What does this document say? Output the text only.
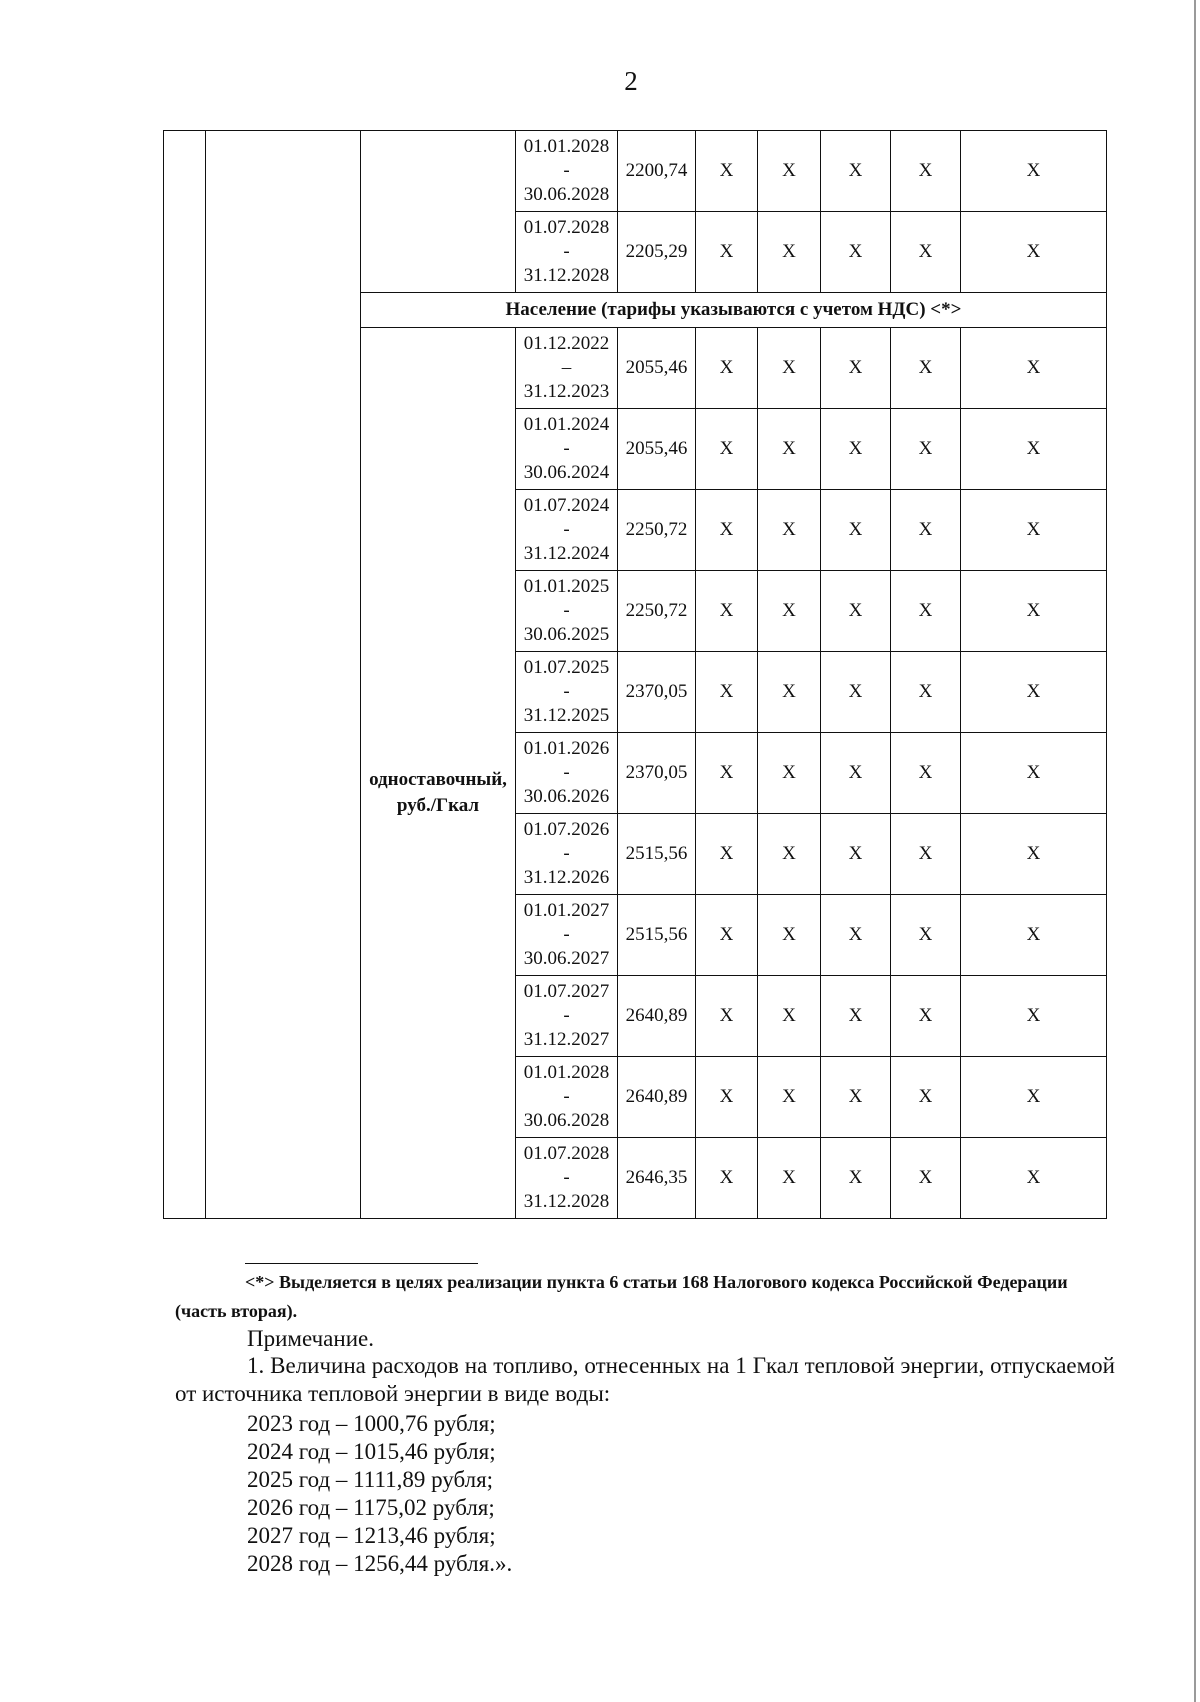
2

			01.01.2028
-
30.06.2028	2200,74	X	X	X	X	X

			01.07.2028
-
31.12.2028	2205,29	X	X	X	X	X
		Население (тарифы указываются с учетом НДС) <*>							
		одноставочный, руб./Гкал	01.12.2022
–
31.12.2023	2055,46	X	X	X	X	X

			01.01.2024
-
30.06.2024	2055,46	X	X	X	X	X

			01.07.2024
-
31.12.2024	2250,72	X	X	X	X	X

			01.01.2025
-
30.06.2025	2250,72	X	X	X	X	X

			01.07.2025
-
31.12.2025	2370,05	X	X	X	X	X

			01.01.2026
-
30.06.2026	2370,05	X	X	X	X	X

			01.07.2026
-
31.12.2026	2515,56	X	X	X	X	X

			01.01.2027
-
30.06.2027	2515,56	X	X	X	X	X

			01.07.2027
-
31.12.2027	2640,89	X	X	X	X	X

			01.01.2028
-
30.06.2028	2640,89	X	X	X	X	X

			01.07.2028
-
31.12.2028	2646,35	X	X	X	X	X
<*> Выделяется в целях реализации пункта 6 статьи 168 Налогового кодекса Российской Федерации
(часть вторая).
Примечание.
1. Величина расходов на топливо, отнесенных на 1 Гкал тепловой энергии, отпускаемой от источника тепловой энергии в виде воды:
2023 год – 1000,76 рубля;
2024 год – 1015,46 рубля;
2025 год – 1111,89 рубля;
2026 год – 1175,02 рубля;
2027 год – 1213,46 рубля;
2028 год – 1256,44 рубля.».
